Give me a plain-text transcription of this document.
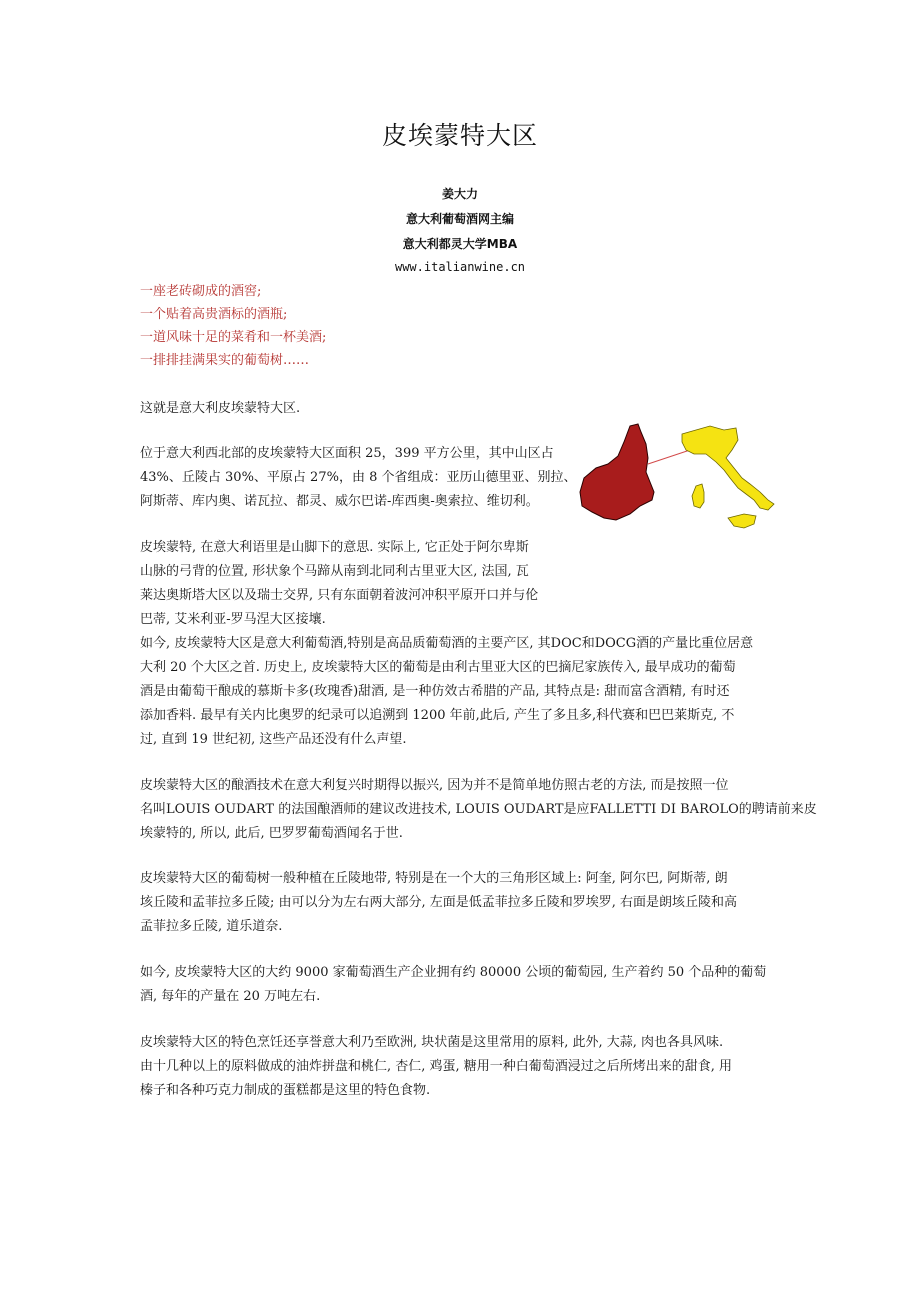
皮埃蒙特大区
姜大力
意大利葡萄酒网主编
意大利都灵大学MBA
www.italianwine.cn
一座老砖砌成的酒窖;
一个贴着高贵酒标的酒瓶;
一道风味十足的菜肴和一杯美酒;
一排排挂满果实的葡萄树……
这就是意大利皮埃蒙特大区.
位于意大利西北部的皮埃蒙特大区面积 25，399 平方公里，其中山区占
43%、丘陵占 30%、平原占 27%，由 8 个省组成：亚历山德里亚、别拉、
阿斯蒂、库内奥、诺瓦拉、都灵、威尔巴诺-库西奥-奥索拉、维切利。
皮埃蒙特, 在意大利语里是山脚下的意思. 实际上, 它正处于阿尔卑斯
山脉的弓背的位置, 形状象个马蹄从南到北同利古里亚大区, 法国, 瓦
莱达奥斯塔大区以及瑞士交界, 只有东面朝着波河冲积平原开口并与伦
巴蒂, 艾米利亚-罗马涅大区接壤.
如今, 皮埃蒙特大区是意大利葡萄酒,特别是高品质葡萄酒的主要产区, 其DOC和DOCG酒的产量比重位居意
大利 20 个大区之首. 历史上, 皮埃蒙特大区的葡萄是由利古里亚大区的巴摘尼家族传入, 最早成功的葡萄
酒是由葡萄干酿成的慕斯卡多(玫瑰香)甜酒, 是一种仿效古希腊的产品, 其特点是: 甜而富含酒精, 有时还
添加香料. 最早有关内比奥罗的纪录可以追溯到 1200 年前,此后, 产生了多且多,科代赛和巴巴莱斯克, 不
过, 直到 19 世纪初, 这些产品还没有什么声望.
皮埃蒙特大区的酿酒技术在意大利复兴时期得以振兴, 因为并不是简单地仿照古老的方法, 而是按照一位
名叫LOUIS OUDART 的法国酿酒师的建议改进技术, LOUIS OUDART是应FALLETTI DI BAROLO的聘请前来皮
埃蒙特的, 所以, 此后, 巴罗罗葡萄酒闻名于世.
皮埃蒙特大区的葡萄树一般种植在丘陵地带, 特别是在一个大的三角形区域上: 阿奎, 阿尔巴, 阿斯蒂, 朗
垓丘陵和孟菲拉多丘陵; 由可以分为左右两大部分, 左面是低孟菲拉多丘陵和罗埃罗, 右面是朗垓丘陵和高
孟菲拉多丘陵, 道乐道奈.
如今, 皮埃蒙特大区的大约 9000 家葡萄酒生产企业拥有约 80000 公顷的葡萄园, 生产着约 50 个品种的葡萄
酒, 每年的产量在 20 万吨左右.
皮埃蒙特大区的特色烹饪还享誉意大利乃至欧洲, 块状菌是这里常用的原料, 此外, 大蒜, 肉也各具风味.
由十几种以上的原料做成的油炸拼盘和桃仁, 杏仁, 鸡蛋, 糖用一种白葡萄酒浸过之后所烤出来的甜食, 用
榛子和各种巧克力制成的蛋糕都是这里的特色食物.
